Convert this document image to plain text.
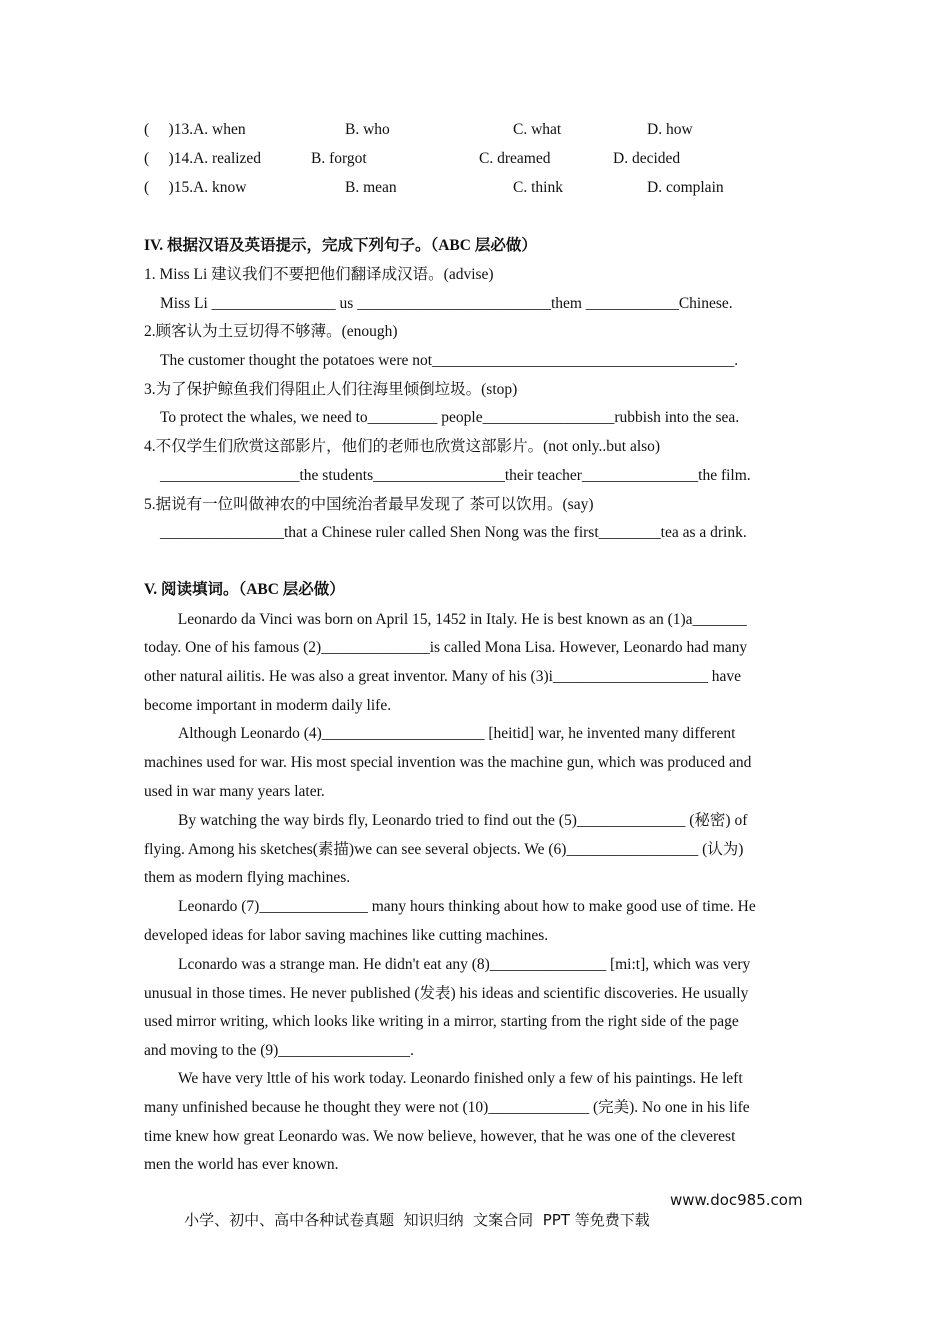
(     )13.A. when	B. who	C. what	D. how
(     )14.A. realized	B. forgot	C. dreamed	D. decided
(     )15.A. know	B. mean	C. think	D. complain
IV. 根据汉语及英语提示，完成下列句子。（ABC 层必做）
1. Miss Li 建议我们不要把他们翻译成汉语。(advise)
Miss Li ________________ us _________________________them ____________Chinese.
2.顾客认为土豆切得不够薄。(enough)
The customer thought the potatoes were not_______________________________________.
3.为了保护鲸鱼我们得阻止人们往海里倾倒垃圾。(stop)
To protect the whales, we need to_________ people_________________rubbish into the sea.
4.不仅学生们欣赏这部影片，他们的老师也欣赏这部影片。(not only..but also)
__________________the students_________________their teacher_______________the film.
5.据说有一位叫做神农的中国统治者最早发现了 茶可以饮用。(say)
________________that a Chinese ruler called Shen Nong was the first________tea as a drink.
V. 阅读填词。（ABC 层必做）
Leonardo da Vinci was born on April 15, 1452 in Italy. He is best known as an (1)a_______
today. One of his famous (2)______________is called Mona Lisa. However, Leonardo had many
other natural ailitis. He was also a great inventor. Many of his (3)i____________________ have
become important in moderm daily life.
Although Leonardo (4)_____________________ [heitid] war, he invented many different
machines used for war. His most special invention was the machine gun, which was produced and
used in war many years later.
By watching the way birds fly, Leonardo tried to find out the (5)______________ (秘密) of
flying. Among his sketches(素描)we can see several objects. We (6)_________________ (认为)
them as modern flying machines.
Leonardo (7)______________ many hours thinking about how to make good use of time. He
developed ideas for labor saving machines like cutting machines.
Lconardo was a strange man. He didn't eat any (8)_______________ [mi:t], which was very
unusual in those times. He never published (发表) his ideas and scientific discoveries. He usually
used mirror writing, which looks like writing in a mirror, starting from the right side of the page
and moving to the (9)_________________.
We have very lttle of his work today. Leonardo finished only a few of his paintings. He left
many unfinished because he thought they were not (10)_____________ (完美). No one in his life
time knew how great Leonardo was. We now believe, however, that he was one of the cleverest
men the world has ever known.

小学、初中、高中各种试卷真题  知识归纳  文案合同  PPT 等免费下载

www.doc985.com
